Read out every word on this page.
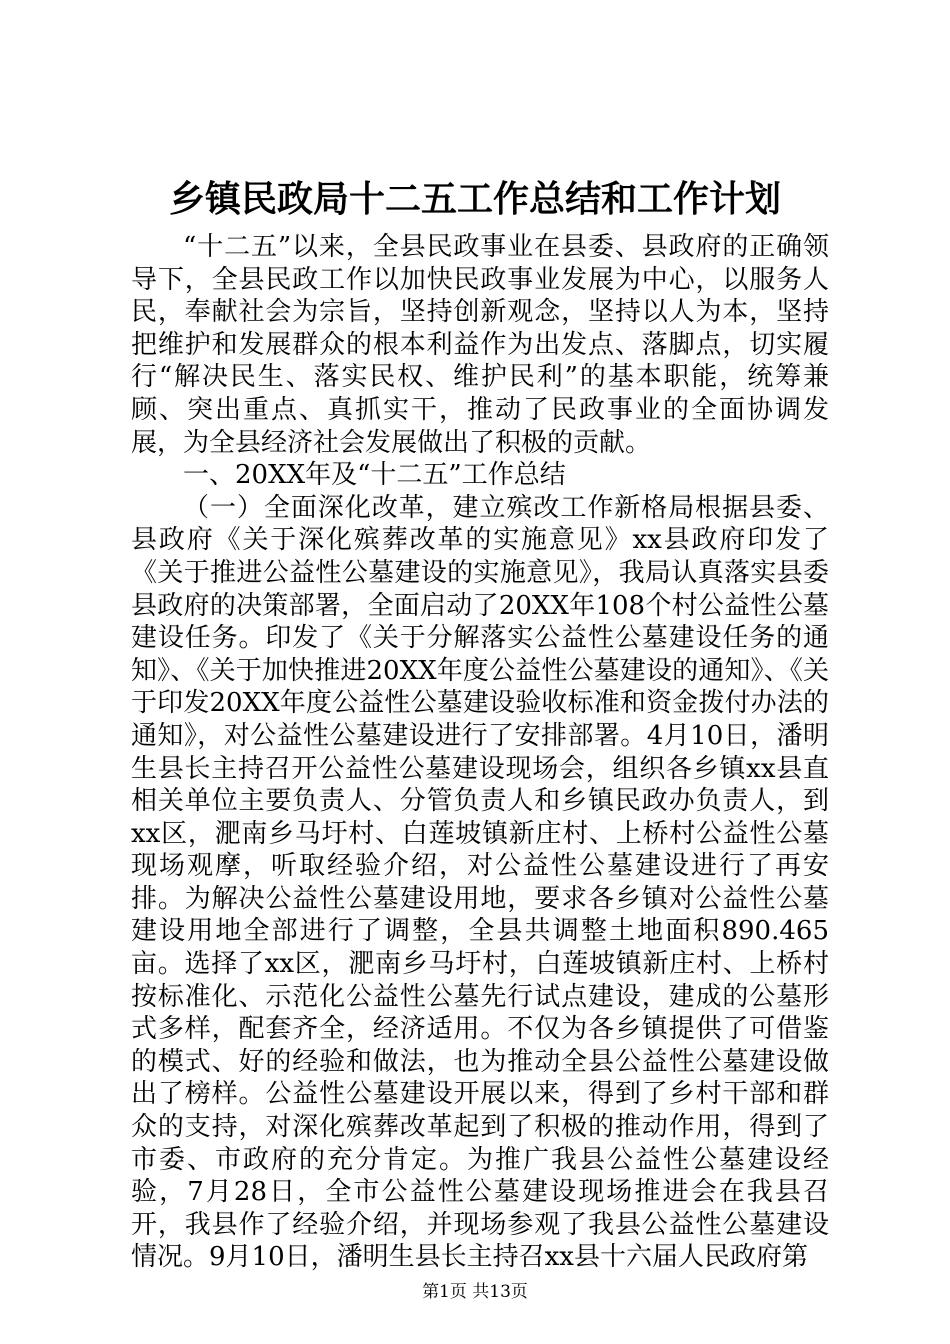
乡镇民政局十二五工作总结和工作计划

“十二五”以来，全县民政事业在县委、县政府的正确领导下，全县民政工作以加快民政事业发展为中心，以服务人民，奉献社会为宗旨，坚持创新观念，坚持以人为本，坚持把维护和发展群众的根本利益作为出发点、落脚点，切实履行“解决民生、落实民权、维护民利”的基本职能，统筹兼顾、突出重点、真抓实干，推动了民政事业的全面协调发展，为全县经济社会发展做出了积极的贡献。

一、20XX年及“十二五”工作总结

（一）全面深化改革，建立殡改工作新格局根据县委、县政府《关于深化殡葬改革的实施意见》xx县政府印发了《关于推进公益性公墓建设的实施意见》，我局认真落实县委县政府的决策部署，全面启动了20XX年108个村公益性公墓建设任务。印发了《关于分解落实公益性公墓建设任务的通知》、《关于加快推进20XX年度公益性公墓建设的通知》、《关于印发20XX年度公益性公墓建设验收标准和资金拨付办法的通知》，对公益性公墓建设进行了安排部署。4月10日，潘明生县长主持召开公益性公墓建设现场会，组织各乡镇xx县直相关单位主要负责人、分管负责人和乡镇民政办负责人，到xx区，淝南乡马圩村、白莲坡镇新庄村、上桥村公益性公墓现场观摩，听取经验介绍，对公益性公墓建设进行了再安排。为解决公益性公墓建设用地，要求各乡镇对公益性公墓建设用地全部进行了调整，全县共调整土地面积890.465亩。选择了xx区，淝南乡马圩村，白莲坡镇新庄村、上桥村按标准化、示范化公益性公墓先行试点建设，建成的公墓形式多样，配套齐全，经济适用。不仅为各乡镇提供了可借鉴的模式、好的经验和做法，也为推动全县公益性公墓建设做出了榜样。公益性公墓建设开展以来，得到了乡村干部和群众的支持，对深化殡葬改革起到了积极的推动作用，得到了市委、市政府的充分肯定。为推广我县公益性公墓建设经验，7月28日，全市公益性公墓建设现场推进会在我县召开，我县作了经验介绍，并现场参观了我县公益性公墓建设情况。9月10日，潘明生县长主持召xx县十六届人民政府第

第1页 共13页
